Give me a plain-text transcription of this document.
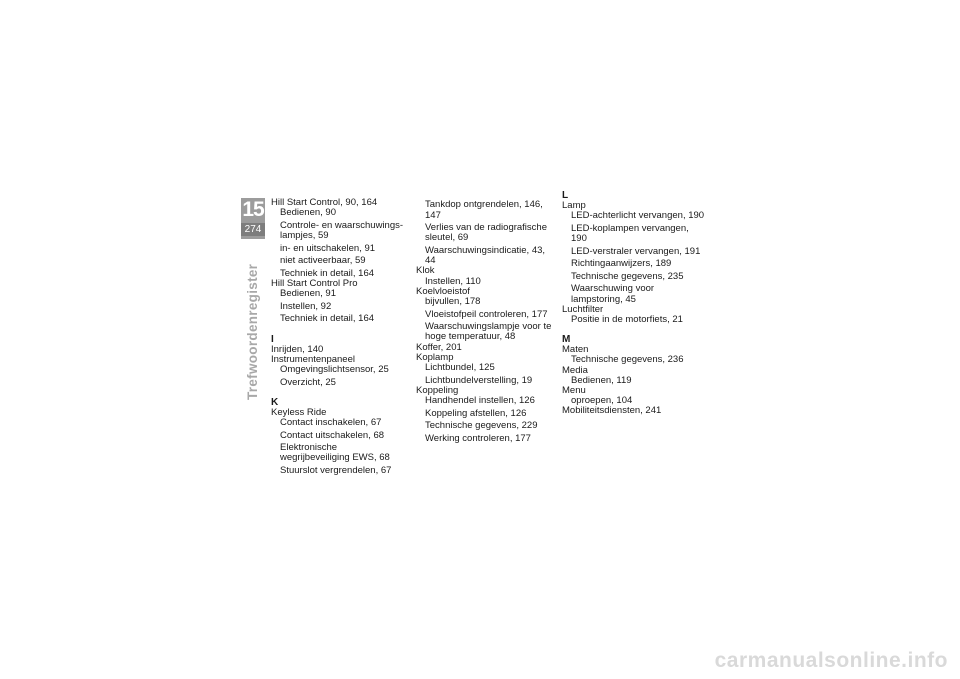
15
274
Trefwoordenregister
Hill Start Control, 90, 164
Bedienen, 90
Controle- en waarschuwings-lampjes, 59
in- en uitschakelen, 91
niet activeerbaar, 59
Techniek in detail, 164
Hill Start Control Pro
Bedienen, 91
Instellen, 92
Techniek in detail, 164
I
Inrijden, 140
Instrumentenpaneel
Omgevingslichtsensor, 25
Overzicht, 25
K
Keyless Ride
Contact inschakelen, 67
Contact uitschakelen, 68
Elektronische wegrijbeveiliging EWS, 68
Stuurslot vergrendelen, 67
Tankdop ontgrendelen, 146, 147
Verlies van de radiografische sleutel, 69
Waarschuwingsindicatie, 43, 44
Klok
Instellen, 110
Koelvloeistof
bijvullen, 178
Vloeistofpeil controleren, 177
Waarschuwingslampje voor te hoge temperatuur, 48
Koffer, 201
Koplamp
Lichtbundel, 125
Lichtbundelverstelling, 19
Koppeling
Handhendel instellen, 126
Koppeling afstellen, 126
Technische gegevens, 229
Werking controleren, 177
L
Lamp
LED-achterlicht vervangen, 190
LED-koplampen vervangen, 190
LED-verstraler vervangen, 191
Richtingaanwijzers, 189
Technische gegevens, 235
Waarschuwing voor lampstoring, 45
Luchtfilter
Positie in de motorfiets, 21
M
Maten
Technische gegevens, 236
Media
Bedienen, 119
Menu
oproepen, 104
Mobiliteitsdiensten, 241
carmanualsonline.info
